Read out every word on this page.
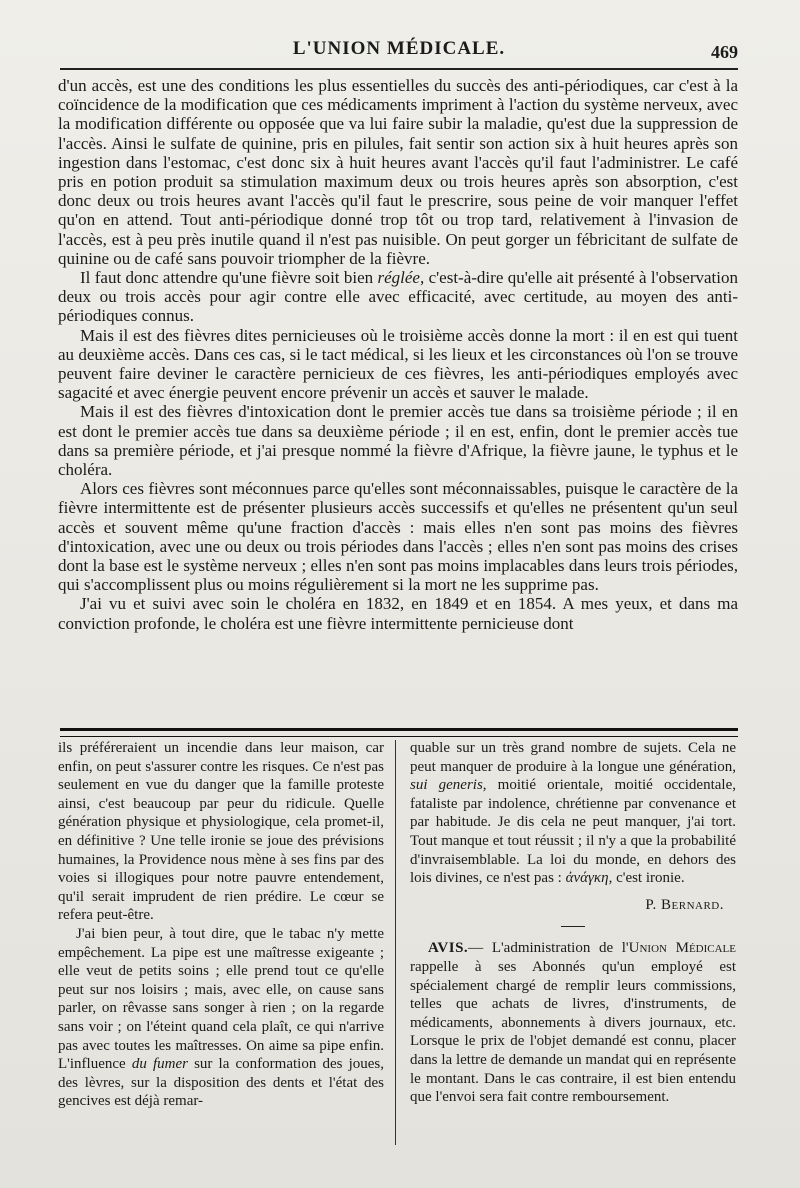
L'UNION MÉDICALE.	469

d'un accès, est une des conditions les plus essentielles du succès des anti-périodiques, car c'est à la coïncidence de la modification que ces médicaments impriment à l'action du système nerveux, avec la modification différente ou opposée que va lui faire subir la maladie, qu'est due la suppression de l'accès. Ainsi le sulfate de quinine, pris en pilules, fait sentir son action six à huit heures après son ingestion dans l'estomac, c'est donc six à huit heures avant l'accès qu'il faut l'administrer. Le café pris en potion produit sa stimulation maximum deux ou trois heures après son absorption, c'est donc deux ou trois heures avant l'accès qu'il faut le prescrire, sous peine de voir manquer l'effet qu'on en attend. Tout anti-périodique donné trop tôt ou trop tard, relativement à l'invasion de l'accès, est à peu près inutile quand il n'est pas nuisible. On peut gorger un fébricitant de sulfate de quinine ou de café sans pouvoir triompher de la fièvre.

Il faut donc attendre qu'une fièvre soit bien réglée, c'est-à-dire qu'elle ait présenté à l'observation deux ou trois accès pour agir contre elle avec efficacité, avec certitude, au moyen des anti-périodiques connus.

Mais il est des fièvres dites pernicieuses où le troisième accès donne la mort : il en est qui tuent au deuxième accès. Dans ces cas, si le tact médical, si les lieux et les circonstances où l'on se trouve peuvent faire deviner le caractère pernicieux de ces fièvres, les anti-périodiques employés avec sagacité et avec énergie peuvent encore prévenir un accès et sauver le malade.

Mais il est des fièvres d'intoxication dont le premier accès tue dans sa troisième période ; il en est dont le premier accès tue dans sa deuxième période ; il en est, enfin, dont le premier accès tue dans sa première période, et j'ai presque nommé la fièvre d'Afrique, la fièvre jaune, le typhus et le choléra.

Alors ces fièvres sont méconnues parce qu'elles sont méconnaissables, puisque le caractère de la fièvre intermittente est de présenter plusieurs accès successifs et qu'elles ne présentent qu'un seul accès et souvent même qu'une fraction d'accès : mais elles n'en sont pas moins des fièvres d'intoxication, avec une ou deux ou trois périodes dans l'accès ; elles n'en sont pas moins des crises dont la base est le système nerveux ; elles n'en sont pas moins implacables dans leurs trois périodes, qui s'accomplissent plus ou moins régulièrement si la mort ne les supprime pas.

J'ai vu et suivi avec soin le choléra en 1832, en 1849 et en 1854. A mes yeux, et dans ma conviction profonde, le choléra est une fièvre intermittente pernicieuse dont

ils préféreraient un incendie dans leur maison, car enfin, on peut s'assurer contre les risques. Ce n'est pas seulement en vue du danger que la famille proteste ainsi, c'est beaucoup par peur du ridicule. Quelle génération physique et physiologique, cela promet-il, en définitive ? Une telle ironie se joue des prévisions humaines, la Providence nous mène à ses fins par des voies si illogiques pour notre pauvre entendement, qu'il serait imprudent de rien prédire. Le cœur se refera peut-être.

J'ai bien peur, à tout dire, que le tabac n'y mette empêchement. La pipe est une maîtresse exigeante ; elle veut de petits soins ; elle prend tout ce qu'elle peut sur nos loisirs ; mais, avec elle, on cause sans parler, on rêvasse sans songer à rien ; on la regarde sans voir ; on l'éteint quand cela plaît, ce qui n'arrive pas avec toutes les maîtresses. On aime sa pipe enfin. L'influence du fumer sur la conformation des joues, des lèvres, sur la disposition des dents et l'état des gencives est déjà remar-

quable sur un très grand nombre de sujets. Cela ne peut manquer de produire à la longue une génération, sui generis, moitié orientale, moitié occidentale, fataliste par indolence, chrétienne par convenance et par habitude. Je dis cela ne peut manquer, j'ai tort. Tout manque et tout réussit ; il n'y a que la probabilité d'invraisemblable. La loi du monde, en dehors des lois divines, ce n'est pas : ἀνάγκη, c'est ironie.

P. Bernard.

AVIS.— L'administration de l'Union Médicale rappelle à ses Abonnés qu'un employé est spécialement chargé de remplir leurs commissions, telles que achats de livres, d'instruments, de médicaments, abonnements à divers journaux, etc. Lorsque le prix de l'objet demandé est connu, placer dans la lettre de demande un mandat qui en représente le montant. Dans le cas contraire, il est bien entendu que l'envoi sera fait contre remboursement.
